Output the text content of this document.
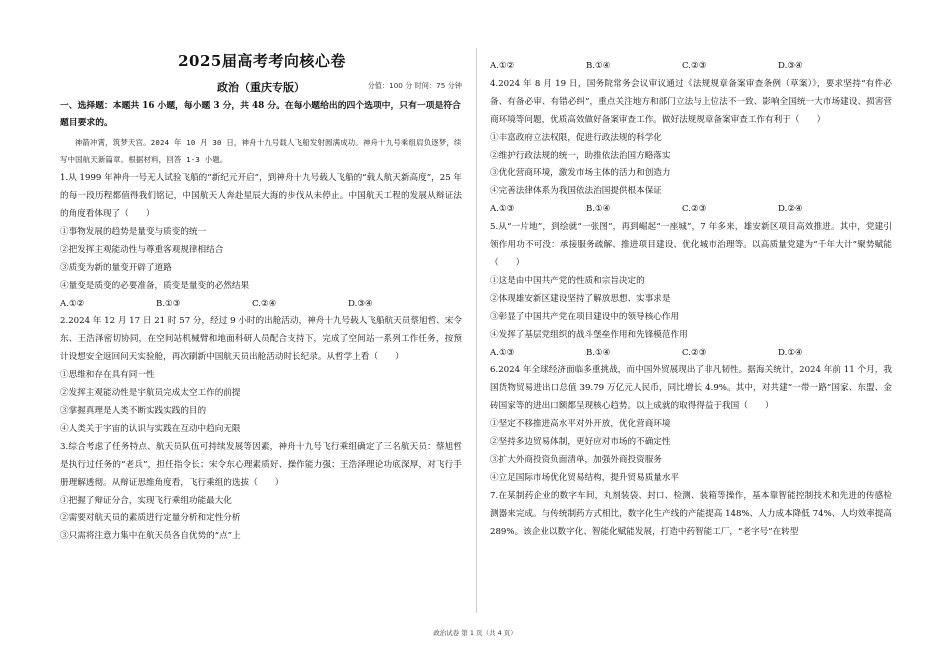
2025届高考考向核心卷
政治（重庆专版）	分值：100 分 时间：75 分钟
一、选择题：本题共 16 小题，每小题 3 分，共 48 分。在每小题给出的四个选项中，只有一项是符合题目要求的。
神箭冲霄，筑梦天宫。2024 年 10 月 30 日，神舟十九号载人飞船发射圆满成功。神舟十九号乘组肩负逐梦，续写中国航天新篇章。根据材料，回答 1-3 小题。

1.从 1999 年神舟一号无人试验飞船的“新纪元开启”，到神舟十九号载人飞船的“载人航天新高度”，25 年的每一段历程都值得我们铭记，中国航天人奔赴星辰大海的步伐从未停止。中国航天工程的发展从辩证法的角度看体现了（　　）

①事物发展的趋势是量变与质变的统一

②把发挥主观能动性与尊重客观规律相结合

③质变为新的量变开辟了道路

④量变是质变的必要准备，质变是量变的必然结果

A.①②	B.①③	C.②④	D.③④

2.2024 年 12 月 17 日 21 时 57 分，经过 9 小时的出舱活动，神舟十九号载人飞船航天员蔡旭哲、宋令东、王浩泽密切协同，在空间站机械臂和地面科研人员配合支持下，完成了空间站一系列工作任务，按预计设想安全返回问天实验舱，再次刷新中国航天员出舱活动时长纪录。从哲学上看（　　）

①思维和存在具有同一性

②发挥主观能动性是宇航员完成太空工作的前提

③掌握真理是人类不断实践实践的目的

④人类关于宇宙的认识与实践在互动中趋向无限

3.综合考虑了任务特点、航天员队伍可持续发展等因素，神舟十九号飞行乘组确定了三名航天员：蔡旭哲是执行过任务的“老兵”，担任指令长；宋令东心理素质好、操作能力强；王浩泽理论功底深厚，对飞行手册理解透彻。从辩证思维角度看，飞行乘组的选拔（　　）

①把握了辩证分合，实现飞行乘组功能最大化

②需要对航天员的素质进行定量分析和定性分析

③只需将注意力集中在航天员各自优势的“点”上

A.①②	B.①④	C.②③	D.③④

4.2024 年 8 月 19 日，国务院常务会议审议通过《法规规章备案审查条例（草案）》，要求坚持“有件必备、有备必审、有错必纠”，重点关注地方和部门立法与上位法不一致、影响全国统一大市场建设、损害营商环境等问题，优质高效做好备案审查工作。做好法规规章备案审查工作有利于（　　）

①丰富政府立法权限，促进行政法规的科学化

②维护行政法规的统一，助推依法治国方略落实

③优化营商环境，激发市场主体的活力和创造力

④完善法律体系为我国依法治国提供根本保证

A.①③	B.①④	C.②③	D.②④

5.从“一片地”，到绘就“一张图”，再到崛起“一座城”，7 年多来，雄安新区项目高效推进。其中，党建引领作用功不可没：承接服务疏解、推进项目建设、优化城市治理等。以高质量党建为“千年大计”聚势赋能（　　）

①这是由中国共产党的性质和宗旨决定的

②体现雄安新区建设坚持了解放思想、实事求是

③彰显了中国共产党在项目建设中的领导核心作用

④发挥了基层党组织的战斗堡垒作用和先锋模范作用

A.①③	B.①④	C.②③	D.①④

6.2024 年全球经济面临多重挑战，而中国外贸展现出了非凡韧性。据海关统计，2024 年前 11 个月，我国货物贸易进出口总值 39.79 万亿元人民币，同比增长 4.9%。其中，对共建“一带一路”国家、东盟、金砖国家等的进出口额都呈现核心趋势。以上成就的取得得益于我国（　　）

①坚定不移推进高水平对外开放，优化营商环境

②坚持多边贸易体制，更好应对市场的不确定性

③扩大外商投资负面清单，加强外商投资服务

④立足国际市场优化贸易结构，提升贸易质量水平

7.在某制药企业的数字车间，丸剂装袋、封口、检测、装箱等操作，基本靠智能控制技术和先进的传感检测器来完成。与传统制药方式相比，数字化生产线的产能提高 148%、人力成本降低 74%、人均效率提高 289%。该企业以数字化、智能化赋能发展，打造中药智能工厂，“老字号”在转型

政治试卷 第 1 页（共 4 页）
